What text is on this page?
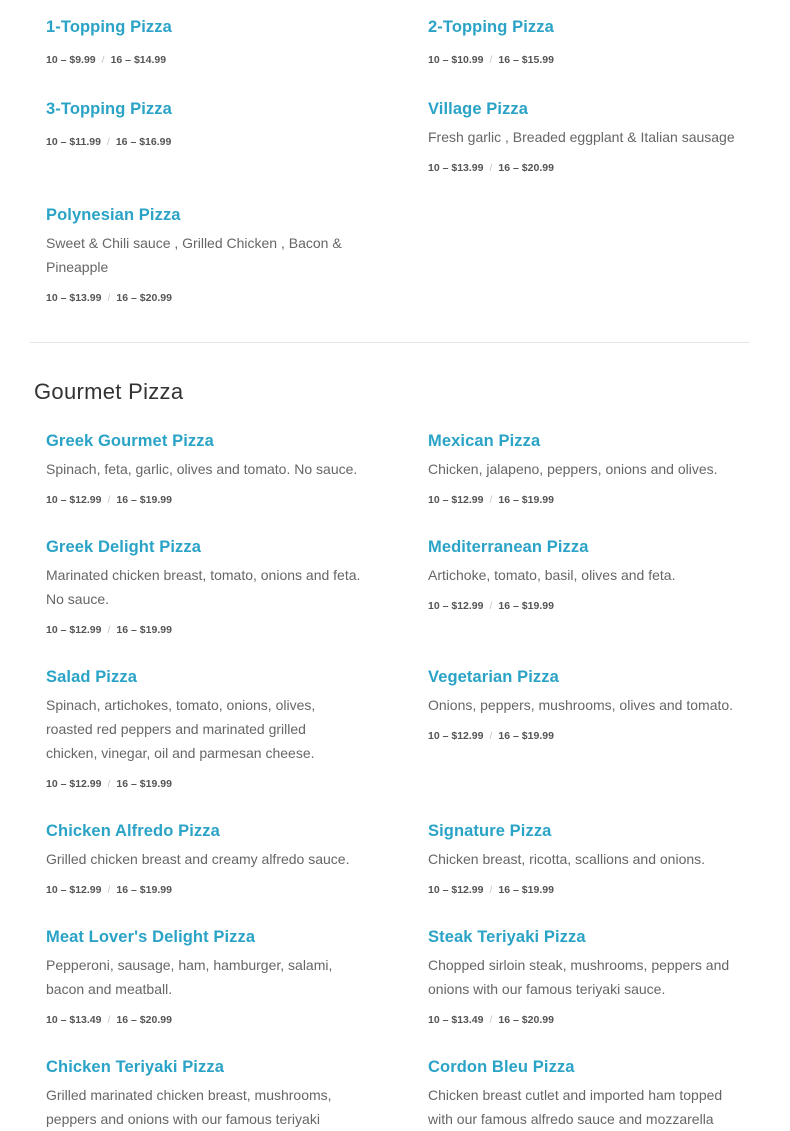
1-Topping Pizza
10 – $9.99 / 16 – $14.99
2-Topping Pizza
10 – $10.99 / 16 – $15.99
3-Topping Pizza
10 – $11.99 / 16 – $16.99
Village Pizza

Fresh garlic , Breaded eggplant & Italian sausage

10 – $13.99 / 16 – $20.99
Polynesian Pizza

Sweet & Chili sauce , Grilled Chicken , Bacon & Pineapple

10 – $13.99 / 16 – $20.99
Gourmet Pizza
Greek Gourmet Pizza

Spinach, feta, garlic, olives and tomato. No sauce.

10 – $12.99 / 16 – $19.99
Mexican Pizza

Chicken, jalapeno, peppers, onions and olives.

10 – $12.99 / 16 – $19.99
Greek Delight Pizza

Marinated chicken breast, tomato, onions and feta. No sauce.

10 – $12.99 / 16 – $19.99
Mediterranean Pizza

Artichoke, tomato, basil, olives and feta.

10 – $12.99 / 16 – $19.99
Salad Pizza

Spinach, artichokes, tomato, onions, olives, roasted red peppers and marinated grilled chicken, vinegar, oil and parmesan cheese.

10 – $12.99 / 16 – $19.99
Vegetarian Pizza

Onions, peppers, mushrooms, olives and tomato.

10 – $12.99 / 16 – $19.99
Chicken Alfredo Pizza

Grilled chicken breast and creamy alfredo sauce.

10 – $12.99 / 16 – $19.99
Signature Pizza

Chicken breast, ricotta, scallions and onions.

10 – $12.99 / 16 – $19.99
Meat Lover's Delight Pizza

Pepperoni, sausage, ham, hamburger, salami, bacon and meatball.

10 – $13.49 / 16 – $20.99
Steak Teriyaki Pizza

Chopped sirloin steak, mushrooms, peppers and onions with our famous teriyaki sauce.

10 – $13.49 / 16 – $20.99
Chicken Teriyaki Pizza

Grilled marinated chicken breast, mushrooms, peppers and onions with our famous teriyaki

Cordon Bleu Pizza

Chicken breast cutlet and imported ham topped with our famous alfredo sauce and mozzarella
